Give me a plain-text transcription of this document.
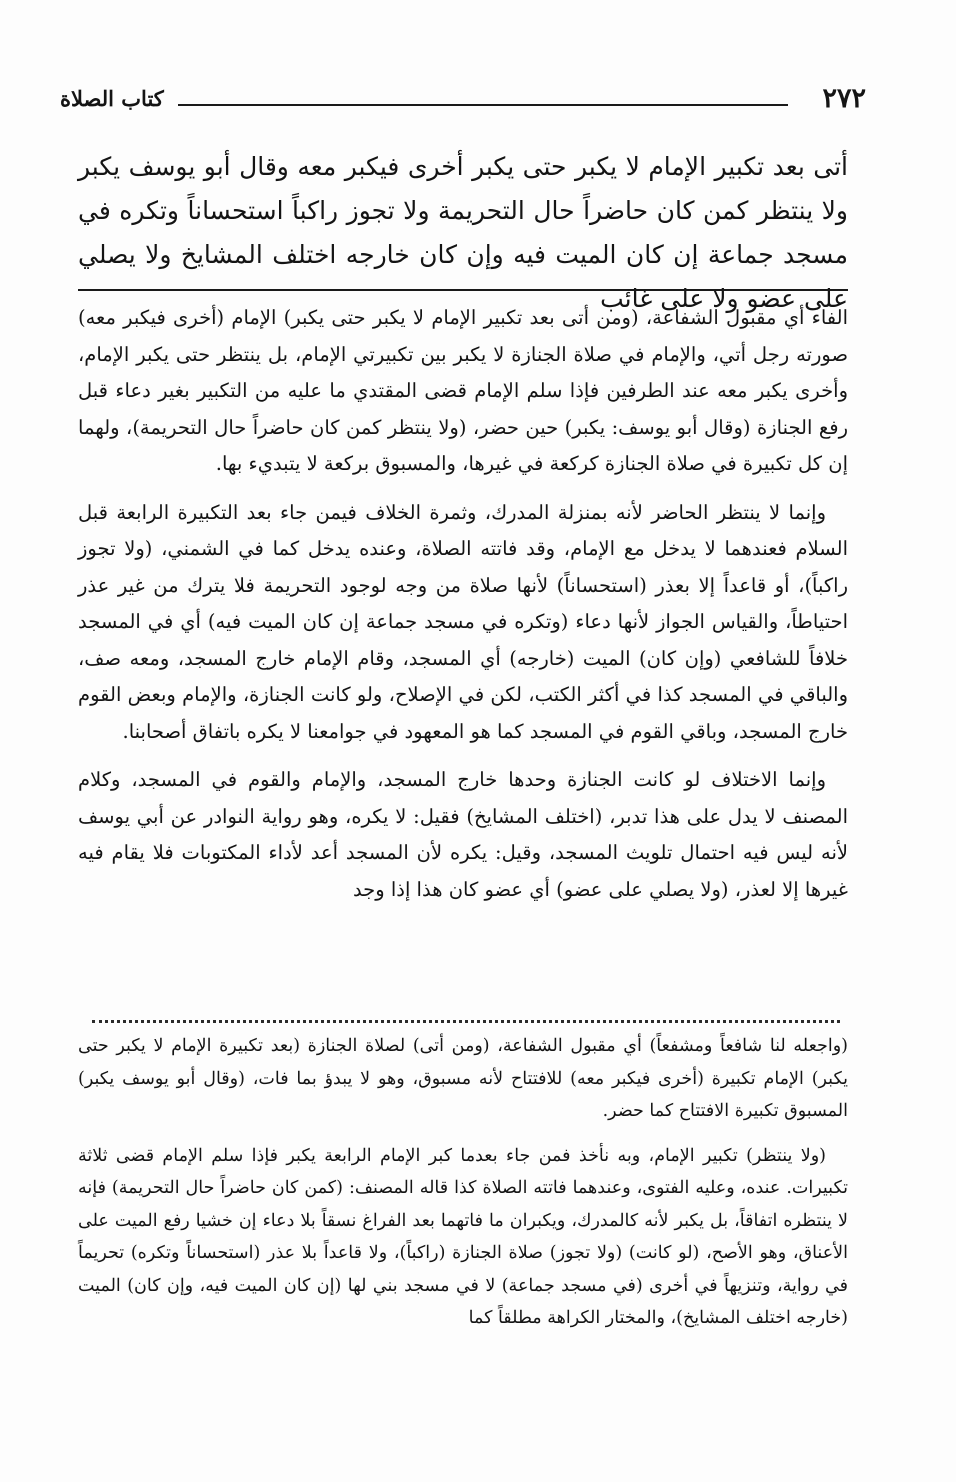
٢٧٢
كتاب الصلاة

أتى بعد تكبير الإمام لا يكبر حتى يكبر أخرى فيكبر معه وقال أبو يوسف يكبر ولا ينتظر كمن كان حاضراً حال التحريمة ولا تجوز راكباً استحساناً وتكره في مسجد جماعة إن كان الميت فيه وإن كان خارجه اختلف المشايخ ولا يصلي على عضو ولا على غائب

الفاء أي مقبول الشفاعة، (ومن أتى بعد تكبير الإمام لا يكبر حتى يكبر) الإمام (أخرى فيكبر معه) صورته رجل أتي، والإمام في صلاة الجنازة لا يكبر بين تكبيرتي الإمام، بل ينتظر حتى يكبر الإمام، وأخرى يكبر معه عند الطرفين فإذا سلم الإمام قضى المقتدي ما عليه من التكبير بغير دعاء قبل رفع الجنازة (وقال أبو يوسف: يكبر) حين حضر، (ولا ينتظر كمن كان حاضراً حال التحريمة)، ولهما إن كل تكبيرة في صلاة الجنازة كركعة في غيرها، والمسبوق بركعة لا يتبديء بها.

وإنما لا ينتظر الحاضر لأنه بمنزلة المدرك، وثمرة الخلاف فيمن جاء بعد التكبيرة الرابعة قبل السلام فعندهما لا يدخل مع الإمام، وقد فاتته الصلاة، وعنده يدخل كما في الشمني، (ولا تجوز راكباً)، أو قاعداً إلا بعذر (استحساناً) لأنها صلاة من وجه لوجود التحريمة فلا يترك من غير عذر احتياطاً، والقياس الجواز لأنها دعاء (وتكره في مسجد جماعة إن كان الميت فيه) أي في المسجد خلافاً للشافعي (وإن كان) الميت (خارجه) أي المسجد، وقام الإمام خارج المسجد، ومعه صف، والباقي في المسجد كذا في أكثر الكتب، لكن في الإصلاح، ولو كانت الجنازة، والإمام وبعض القوم خارج المسجد، وباقي القوم في المسجد كما هو المعهود في جوامعنا لا يكره باتفاق أصحابنا.

وإنما الاختلاف لو كانت الجنازة وحدها خارج المسجد، والإمام والقوم في المسجد، وكلام المصنف لا يدل على هذا تدبر، (اختلف المشايخ) فقيل: لا يكره، وهو رواية النوادر عن أبي يوسف لأنه ليس فيه احتمال تلويث المسجد، وقيل: يكره لأن المسجد أعد لأداء المكتوبات فلا يقام فيه غيرها إلا لعذر، (ولا يصلي على عضو) أي عضو كان هذا إذا وجد

(واجعله لنا شافعاً ومشفعاً) أي مقبول الشفاعة، (ومن أتى) لصلاة الجنازة (بعد تكبيرة الإمام لا يكبر حتى يكبر) الإمام تكبيرة (أخرى فيكبر معه) للافتتاح لأنه مسبوق، وهو لا يبدؤ بما فات، (وقال أبو يوسف يكبر) المسبوق تكبيرة الافتتاح كما حضر.

(ولا ينتظر) تكبير الإمام، وبه نأخذ فمن جاء بعدما كبر الإمام الرابعة يكبر فإذا سلم الإمام قضى ثلاثة تكبيرات. عنده، وعليه الفتوى، وعندهما فاتته الصلاة كذا قاله المصنف: (كمن كان حاضراً حال التحريمة) فإنه لا ينتظره اتفاقاً، بل يكبر لأنه كالمدرك، ويكبران ما فاتهما بعد الفراغ نسقاً بلا دعاء إن خشيا رفع الميت على الأعناق، وهو الأصح، (لو كانت) (ولا تجوز) صلاة الجنازة (راكباً)، ولا قاعداً بلا عذر (استحساناً وتكره) تحريماً في رواية، وتنزيهاً في أخرى (في مسجد جماعة) لا في مسجد بني لها (إن كان الميت فيه، وإن كان) الميت (خارجه اختلف المشايخ)، والمختار الكراهة مطلقاً كما
